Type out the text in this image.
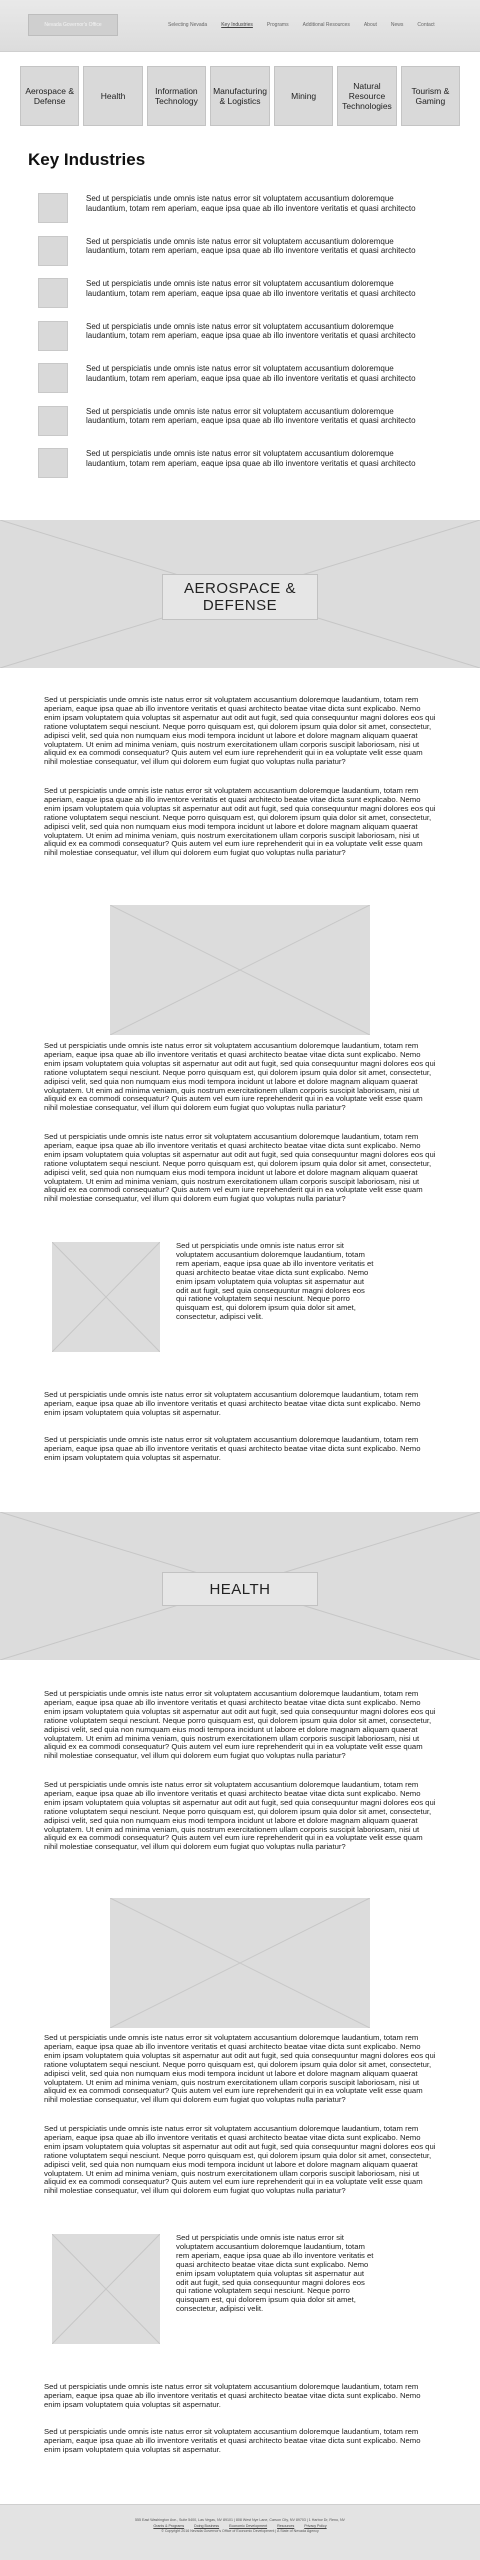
Nevada Governor's Office	Selecting Nevada	Key Industries	Programs	Additional Resources	About	News	Contact
Aerospace & Defense	Health	Information Technology
Manufacturing & Logistics	Mining
Natural Resource Technologies
Tourism & Gaming
Key Industries

Sed ut perspiciatis unde omnis iste natus error sit voluptatem accusantium doloremque laudantium, totam rem aperiam, eaque ipsa quae ab illo inventore veritatis et quasi architecto

Sed ut perspiciatis unde omnis iste natus error sit voluptatem accusantium doloremque laudantium, totam rem aperiam, eaque ipsa quae ab illo inventore veritatis et quasi architecto

Sed ut perspiciatis unde omnis iste natus error sit voluptatem accusantium doloremque laudantium, totam rem aperiam, eaque ipsa quae ab illo inventore veritatis et quasi architecto

Sed ut perspiciatis unde omnis iste natus error sit voluptatem accusantium doloremque laudantium, totam rem aperiam, eaque ipsa quae ab illo inventore veritatis et quasi architecto

Sed ut perspiciatis unde omnis iste natus error sit voluptatem accusantium doloremque laudantium, totam rem aperiam, eaque ipsa quae ab illo inventore veritatis et quasi architecto

Sed ut perspiciatis unde omnis iste natus error sit voluptatem accusantium doloremque laudantium, totam rem aperiam, eaque ipsa quae ab illo inventore veritatis et quasi architecto

Sed ut perspiciatis unde omnis iste natus error sit voluptatem accusantium doloremque laudantium, totam rem aperiam, eaque ipsa quae ab illo inventore veritatis et quasi architecto

AEROSPACE & DEFENSE

Sed ut perspiciatis unde omnis iste natus error sit voluptatem accusantium doloremque laudantium, totam rem aperiam, eaque ipsa quae ab illo inventore veritatis et quasi architecto beatae vitae dicta sunt explicabo. Nemo enim ipsam voluptatem quia voluptas sit aspernatur aut odit aut fugit, sed quia consequuntur magni dolores eos qui ratione voluptatem sequi nesciunt. Neque porro quisquam est, qui dolorem ipsum quia dolor sit amet, consectetur, adipisci velit, sed quia non numquam eius modi tempora incidunt ut labore et dolore magnam aliquam quaerat voluptatem. Ut enim ad minima veniam, quis nostrum exercitationem ullam corporis suscipit laboriosam, nisi ut aliquid ex ea commodi consequatur? Quis autem vel eum iure reprehenderit qui in ea voluptate velit esse quam nihil molestiae consequatur, vel illum qui dolorem eum fugiat quo voluptas nulla pariatur?

Sed ut perspiciatis unde omnis iste natus error sit voluptatem accusantium doloremque laudantium, totam rem aperiam, eaque ipsa quae ab illo inventore veritatis et quasi architecto beatae vitae dicta sunt explicabo. Nemo enim ipsam voluptatem quia voluptas sit aspernatur aut odit aut fugit, sed quia consequuntur magni dolores eos qui ratione voluptatem sequi nesciunt. Neque porro quisquam est, qui dolorem ipsum quia dolor sit amet, consectetur, adipisci velit, sed quia non numquam eius modi tempora incidunt ut labore et dolore magnam aliquam quaerat voluptatem. Ut enim ad minima veniam, quis nostrum exercitationem ullam corporis suscipit laboriosam, nisi ut aliquid ex ea commodi consequatur? Quis autem vel eum iure reprehenderit qui in ea voluptate velit esse quam nihil molestiae consequatur, vel illum qui dolorem eum fugiat quo voluptas nulla pariatur?

Sed ut perspiciatis unde omnis iste natus error sit voluptatem accusantium doloremque laudantium, totam rem aperiam, eaque ipsa quae ab illo inventore veritatis et quasi architecto beatae vitae dicta sunt explicabo. Nemo enim ipsam voluptatem quia voluptas sit aspernatur aut odit aut fugit, sed quia consequuntur magni dolores eos qui ratione voluptatem sequi nesciunt. Neque porro quisquam est, qui dolorem ipsum quia dolor sit amet, consectetur, adipisci velit, sed quia non numquam eius modi tempora incidunt ut labore et dolore magnam aliquam quaerat voluptatem. Ut enim ad minima veniam, quis nostrum exercitationem ullam corporis suscipit laboriosam, nisi ut aliquid ex ea commodi consequatur? Quis autem vel eum iure reprehenderit qui in ea voluptate velit esse quam nihil molestiae consequatur, vel illum qui dolorem eum fugiat quo voluptas nulla pariatur?

Sed ut perspiciatis unde omnis iste natus error sit voluptatem accusantium doloremque laudantium, totam rem aperiam, eaque ipsa quae ab illo inventore veritatis et quasi architecto beatae vitae dicta sunt explicabo. Nemo enim ipsam voluptatem quia voluptas sit aspernatur aut odit aut fugit, sed quia consequuntur magni dolores eos qui ratione voluptatem sequi nesciunt. Neque porro quisquam est, qui dolorem ipsum quia dolor sit amet, consectetur, adipisci velit, sed quia non numquam eius modi tempora incidunt ut labore et dolore magnam aliquam quaerat voluptatem. Ut enim ad minima veniam, quis nostrum exercitationem ullam corporis suscipit laboriosam, nisi ut aliquid ex ea commodi consequatur? Quis autem vel eum iure reprehenderit qui in ea voluptate velit esse quam nihil molestiae consequatur, vel illum qui dolorem eum fugiat quo voluptas nulla pariatur?

Sed ut perspiciatis unde omnis iste natus error sit voluptatem accusantium doloremque laudantium, totam rem aperiam, eaque ipsa quae ab illo inventore veritatis et quasi architecto beatae vitae dicta sunt explicabo. Nemo enim ipsam voluptatem quia voluptas sit aspernatur aut odit aut fugit, sed quia consequuntur magni dolores eos qui ratione voluptatem sequi nesciunt. Neque porro quisquam est, qui dolorem ipsum quia dolor sit amet, consectetur, adipisci velit.

Sed ut perspiciatis unde omnis iste natus error sit voluptatem accusantium doloremque laudantium, totam rem aperiam, eaque ipsa quae ab illo inventore veritatis et quasi architecto beatae vitae dicta sunt explicabo. Nemo enim ipsam voluptatem quia voluptas sit aspernatur.

Sed ut perspiciatis unde omnis iste natus error sit voluptatem accusantium doloremque laudantium, totam rem aperiam, eaque ipsa quae ab illo inventore veritatis et quasi architecto beatae vitae dicta sunt explicabo. Nemo enim ipsam voluptatem quia voluptas sit aspernatur.

HEALTH

Sed ut perspiciatis unde omnis iste natus error sit voluptatem accusantium doloremque laudantium, totam rem aperiam, eaque ipsa quae ab illo inventore veritatis et quasi architecto beatae vitae dicta sunt explicabo. Nemo enim ipsam voluptatem quia voluptas sit aspernatur aut odit aut fugit, sed quia consequuntur magni dolores eos qui ratione voluptatem sequi nesciunt. Neque porro quisquam est, qui dolorem ipsum quia dolor sit amet, consectetur, adipisci velit, sed quia non numquam eius modi tempora incidunt ut labore et dolore magnam aliquam quaerat voluptatem. Ut enim ad minima veniam, quis nostrum exercitationem ullam corporis suscipit laboriosam, nisi ut aliquid ex ea commodi consequatur? Quis autem vel eum iure reprehenderit qui in ea voluptate velit esse quam nihil molestiae consequatur, vel illum qui dolorem eum fugiat quo voluptas nulla pariatur?

Sed ut perspiciatis unde omnis iste natus error sit voluptatem accusantium doloremque laudantium, totam rem aperiam, eaque ipsa quae ab illo inventore veritatis et quasi architecto beatae vitae dicta sunt explicabo. Nemo enim ipsam voluptatem quia voluptas sit aspernatur aut odit aut fugit, sed quia consequuntur magni dolores eos qui ratione voluptatem sequi nesciunt. Neque porro quisquam est, qui dolorem ipsum quia dolor sit amet, consectetur, adipisci velit, sed quia non numquam eius modi tempora incidunt ut labore et dolore magnam aliquam quaerat voluptatem. Ut enim ad minima veniam, quis nostrum exercitationem ullam corporis suscipit laboriosam, nisi ut aliquid ex ea commodi consequatur? Quis autem vel eum iure reprehenderit qui in ea voluptate velit esse quam nihil molestiae consequatur, vel illum qui dolorem eum fugiat quo voluptas nulla pariatur?

Sed ut perspiciatis unde omnis iste natus error sit voluptatem accusantium doloremque laudantium, totam rem aperiam, eaque ipsa quae ab illo inventore veritatis et quasi architecto beatae vitae dicta sunt explicabo. Nemo enim ipsam voluptatem quia voluptas sit aspernatur aut odit aut fugit, sed quia consequuntur magni dolores eos qui ratione voluptatem sequi nesciunt. Neque porro quisquam est, qui dolorem ipsum quia dolor sit amet, consectetur, adipisci velit, sed quia non numquam eius modi tempora incidunt ut labore et dolore magnam aliquam quaerat voluptatem. Ut enim ad minima veniam, quis nostrum exercitationem ullam corporis suscipit laboriosam, nisi ut aliquid ex ea commodi consequatur? Quis autem vel eum iure reprehenderit qui in ea voluptate velit esse quam nihil molestiae consequatur, vel illum qui dolorem eum fugiat quo voluptas nulla pariatur?

Sed ut perspiciatis unde omnis iste natus error sit voluptatem accusantium doloremque laudantium, totam rem aperiam, eaque ipsa quae ab illo inventore veritatis et quasi architecto beatae vitae dicta sunt explicabo. Nemo enim ipsam voluptatem quia voluptas sit aspernatur aut odit aut fugit, sed quia consequuntur magni dolores eos qui ratione voluptatem sequi nesciunt. Neque porro quisquam est, qui dolorem ipsum quia dolor sit amet, consectetur, adipisci velit, sed quia non numquam eius modi tempora incidunt ut labore et dolore magnam aliquam quaerat voluptatem. Ut enim ad minima veniam, quis nostrum exercitationem ullam corporis suscipit laboriosam, nisi ut aliquid ex ea commodi consequatur? Quis autem vel eum iure reprehenderit qui in ea voluptate velit esse quam nihil molestiae consequatur, vel illum qui dolorem eum fugiat quo voluptas nulla pariatur?

Sed ut perspiciatis unde omnis iste natus error sit voluptatem accusantium doloremque laudantium, totam rem aperiam, eaque ipsa quae ab illo inventore veritatis et quasi architecto beatae vitae dicta sunt explicabo. Nemo enim ipsam voluptatem quia voluptas sit aspernatur aut odit aut fugit, sed quia consequuntur magni dolores eos qui ratione voluptatem sequi nesciunt. Neque porro quisquam est, qui dolorem ipsum quia dolor sit amet, consectetur, adipisci velit.

Sed ut perspiciatis unde omnis iste natus error sit voluptatem accusantium doloremque laudantium, totam rem aperiam, eaque ipsa quae ab illo inventore veritatis et quasi architecto beatae vitae dicta sunt explicabo. Nemo enim ipsam voluptatem quia voluptas sit aspernatur.

Sed ut perspiciatis unde omnis iste natus error sit voluptatem accusantium doloremque laudantium, totam rem aperiam, eaque ipsa quae ab illo inventore veritatis et quasi architecto beatae vitae dicta sunt explicabo. Nemo enim ipsam voluptatem quia voluptas sit aspernatur.

555 East Washington Ave., Suite 5400, Las Vegas, NV 89101 | 808 West Nye Lane, Carson City, NV 89703 | 1 Harbor Dr, Reno, NV
Grants & Programs	Doing Business	Economic Development	Resources	Privacy Policy
© Copyright 2016 Nevada Governor's Office of Economic Development | A State of Nevada Agency
